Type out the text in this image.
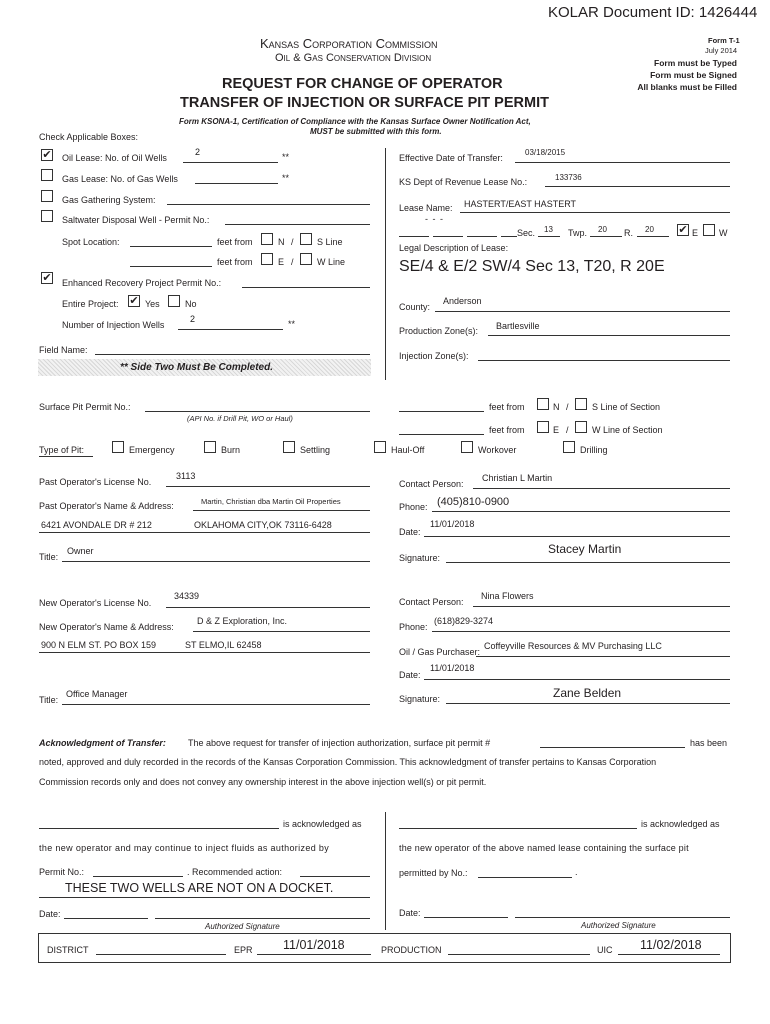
KOLAR Document ID: 1426444
Kansas Corporation Commission
Oil & Gas Conservation Division
Form T-1
July 2014
Form must be Typed
Form must be Signed
All blanks must be Filled
REQUEST FOR CHANGE OF OPERATOR
TRANSFER OF INJECTION OR SURFACE PIT PERMIT
Form KSONA-1, Certification of Compliance with the Kansas Surface Owner Notification Act,
MUST be submitted with this form.
Check Applicable Boxes:
✔ Oil Lease: No. of Oil Wells
2	**
Gas Lease: No. of Gas Wells	**
Gas Gathering System:
Saltwater Disposal Well - Permit No.:
Spot Location:	feet from	N /	S Line
feet from	E /	W Line
✔ Enhanced Recovery Project Permit No.:
Entire Project: ✔ Yes	No
Number of Injection Wells
2	**
Field Name:
** Side Two Must Be Completed.
Effective Date of Transfer:
03/18/2015
KS Dept of Revenue Lease No.:	133736
Lease Name: HASTERT/EAST HASTERT
- - -
Sec. 13 Twp. 20 R. 20 ✔ E W
Legal Description of Lease:
SE/4 & E/2 SW/4 Sec 13, T20, R 20E
County:
Anderson
Production Zone(s): Bartlesville
Injection Zone(s):
Surface Pit Permit No.:
(API No. if Drill Pit, WO or Haul)
feet from	N /	S Line of Section
feet from	E /	W Line of Section
Type of Pit:	Emergency	Burn	Settling	Haul-Off	Workover	Drilling
Past Operator's License No.
3113
Past Operator's Name & Address:	Martin, Christian dba Martin Oil Properties
6421 AVONDALE DR # 212	OKLAHOMA CITY,OK 73116-6428
Title:
Owner
Contact Person:
Christian L Martin
Phone: (405)810-0900
Date:
11/01/2018
Signature:
Stacey Martin
New Operator's License No.
34339
New Operator's Name & Address:
D & Z Exploration, Inc.
900 N ELM ST. PO BOX 159	ST ELMO,IL 62458
Title:
Office Manager
Contact Person:
Nina Flowers
Phone:
(618)829-3274
Oil / Gas Purchaser:
Coffeyville Resources & MV Purchasing LLC
Date:
11/01/2018
Signature:	Zane Belden
Acknowledgment of Transfer: The above request for transfer of injection authorization, surface pit permit #	has been
noted, approved and duly recorded in the records of the Kansas Corporation Commission. This acknowledgment of transfer pertains to Kansas Corporation
Commission records only and does not convey any ownership interest in the above injection well(s) or pit permit.
is acknowledged as	is acknowledged as
the new operator and may continue to inject fluids as authorized by	the new operator of the above named lease containing the surface pit
Permit No.:	. Recommended action:	permitted by No.:	.
THESE TWO WELLS ARE NOT ON A DOCKET.
Date:
Authorized Signature
Date:
Authorized Signature
DISTRICT	EPR 11/01/2018	PRODUCTION	UIC 11/02/2018
